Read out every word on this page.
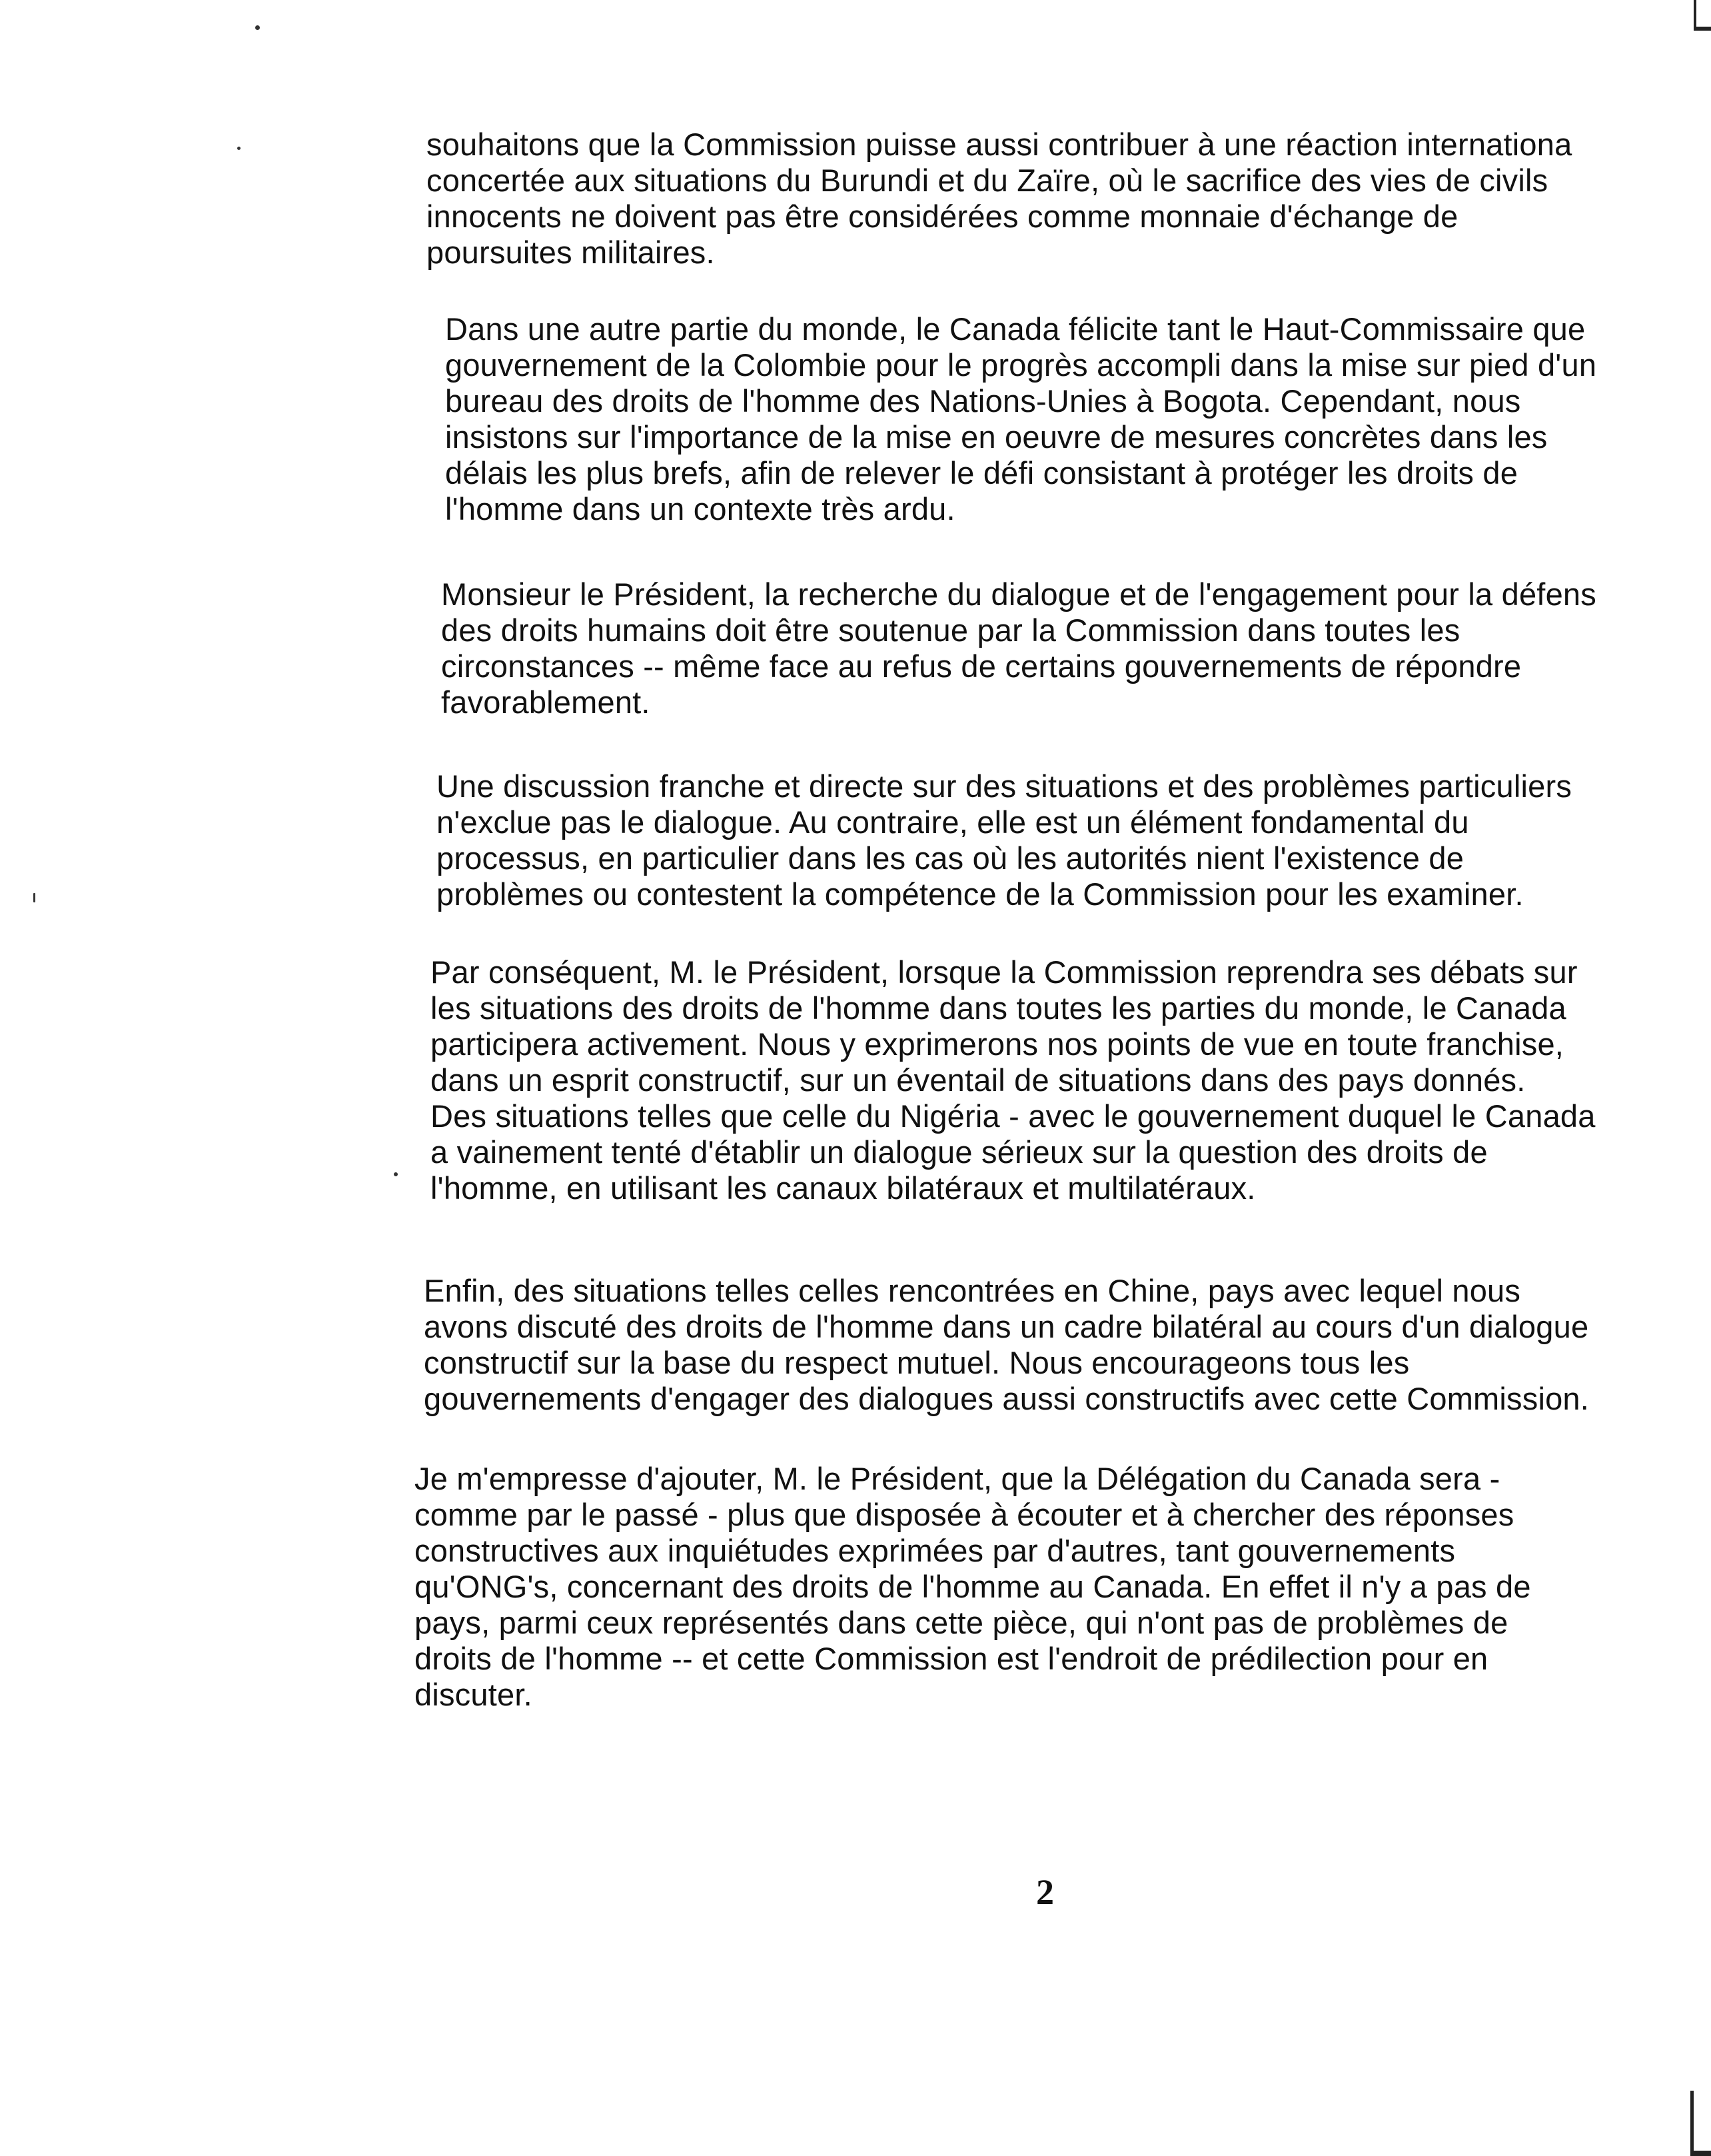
souhaitons que la Commission puisse aussi contribuer à une réaction internationa
concertée aux situations du Burundi et du Zaïre, où le sacrifice des vies de civils
innocents ne doivent pas être considérées comme monnaie d'échange de
poursuites militaires.
Dans une autre partie du monde, le Canada félicite tant le Haut-Commissaire que
gouvernement de la Colombie pour le progrès accompli dans la mise sur pied d'un
bureau des droits de l'homme des Nations-Unies à Bogota. Cependant, nous
insistons sur l'importance de la mise en oeuvre de mesures concrètes dans les
délais les plus brefs, afin de relever le défi consistant à protéger les droits de
l'homme dans un contexte très ardu.
Monsieur le Président, la recherche du dialogue et de l'engagement pour la défens
des droits humains doit être soutenue par la Commission dans toutes les
circonstances -- même face au refus de certains gouvernements de répondre
favorablement.
Une discussion franche et directe sur des situations et des problèmes particuliers
n'exclue pas le dialogue. Au contraire, elle est un élément fondamental du
processus, en particulier dans les cas où les autorités nient l'existence de
problèmes ou contestent la compétence de la Commission pour les examiner.
Par conséquent, M. le Président, lorsque la Commission reprendra ses débats sur
les situations des droits de l'homme dans toutes les parties du monde, le Canada
participera activement. Nous y exprimerons nos points de vue en toute franchise,
dans un esprit constructif, sur un éventail de situations dans des pays donnés.
Des situations telles que celle du Nigéria - avec le gouvernement duquel le Canada
a vainement tenté d'établir un dialogue sérieux sur la question des droits de
l'homme, en utilisant les canaux bilatéraux et multilatéraux.
Enfin, des situations telles celles rencontrées en Chine, pays avec lequel nous
avons discuté des droits de l'homme dans un cadre bilatéral au cours d'un dialogue
constructif sur la base du respect mutuel. Nous encourageons tous les
gouvernements d'engager des dialogues aussi constructifs avec cette Commission.
Je m'empresse d'ajouter, M. le Président, que la Délégation du Canada sera -
comme par le passé - plus que disposée à écouter et à chercher des réponses
constructives aux inquiétudes exprimées par d'autres, tant gouvernements
qu'ONG's, concernant des droits de l'homme au Canada. En effet il n'y a pas de
pays, parmi ceux représentés dans cette pièce, qui n'ont pas de problèmes de
droits de l'homme -- et cette Commission est l'endroit de prédilection pour en
discuter.
2
